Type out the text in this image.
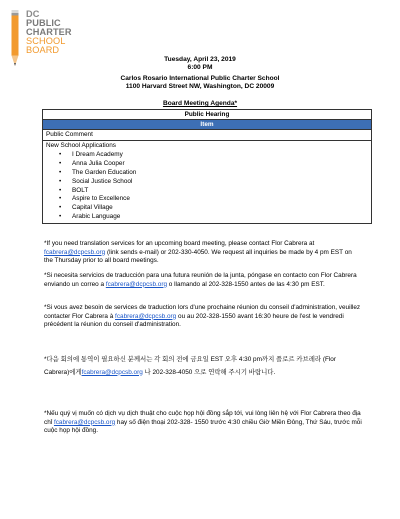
DC
PUBLIC
CHARTER
SCHOOL
BOARD
Tuesday, April 23, 2019
6:00 PM
Carlos Rosario International Public Charter School
1100 Harvard Street NW, Washington, DC 20009
Board Meeting Agenda*
Public Hearing
Item
Public Comment

New School Applications
• I Dream Academy
• Anna Julia Cooper
• The Garden Education
• Social Justice School
• BOLT
• Aspire to Excellence
• Capital Village
• Arabic Language

*If you need translation services for an upcoming board meeting, please contact Flor Cabrera at fcabrera@dcpcsb.org (link sends e-mail) or 202-330-4050. We request all inquiries be made by 4 pm EST on the Thursday prior to all board meetings.

*Si necesita servicios de traducción para una futura reunión de la junta, póngase en contacto con Flor Cabrera enviando un correo a fcabrera@dcpcsb.org o llamando al 202-328-1550 antes de las 4:30 pm EST.

*Si vous avez besoin de services de traduction lors d'une prochaine réunion du conseil d'administration, veuillez contacter Flor Cabrera à fcabrera@dcpcsb.org ou au 202-328-1550 avant 16:30 heure de l'est le vendredi précédent la réunion du conseil d'administration.

*다음 회의에 통역이 필요하신 분께서는 각 회의 전에 금요일 EST 오후 4:30 pm까지 플로르 카브레라 (Flor Cabrera)에게fcabrera@dcpcsb.org 나 202-328-4050 으로 연락해 주시기 바랍니다.

*Nếu quý vị muốn có dịch vụ dịch thuật cho cuộc họp hội đồng sắp tới, vui lòng liên hệ với Flor Cabrera theo địa chỉ fcabrera@dcpcsb.org hay số điện thoại 202-328- 1550 trước 4:30 chiều Giờ Miền Đông, Thứ Sáu, trước mỗi cuộc họp hội đồng.
